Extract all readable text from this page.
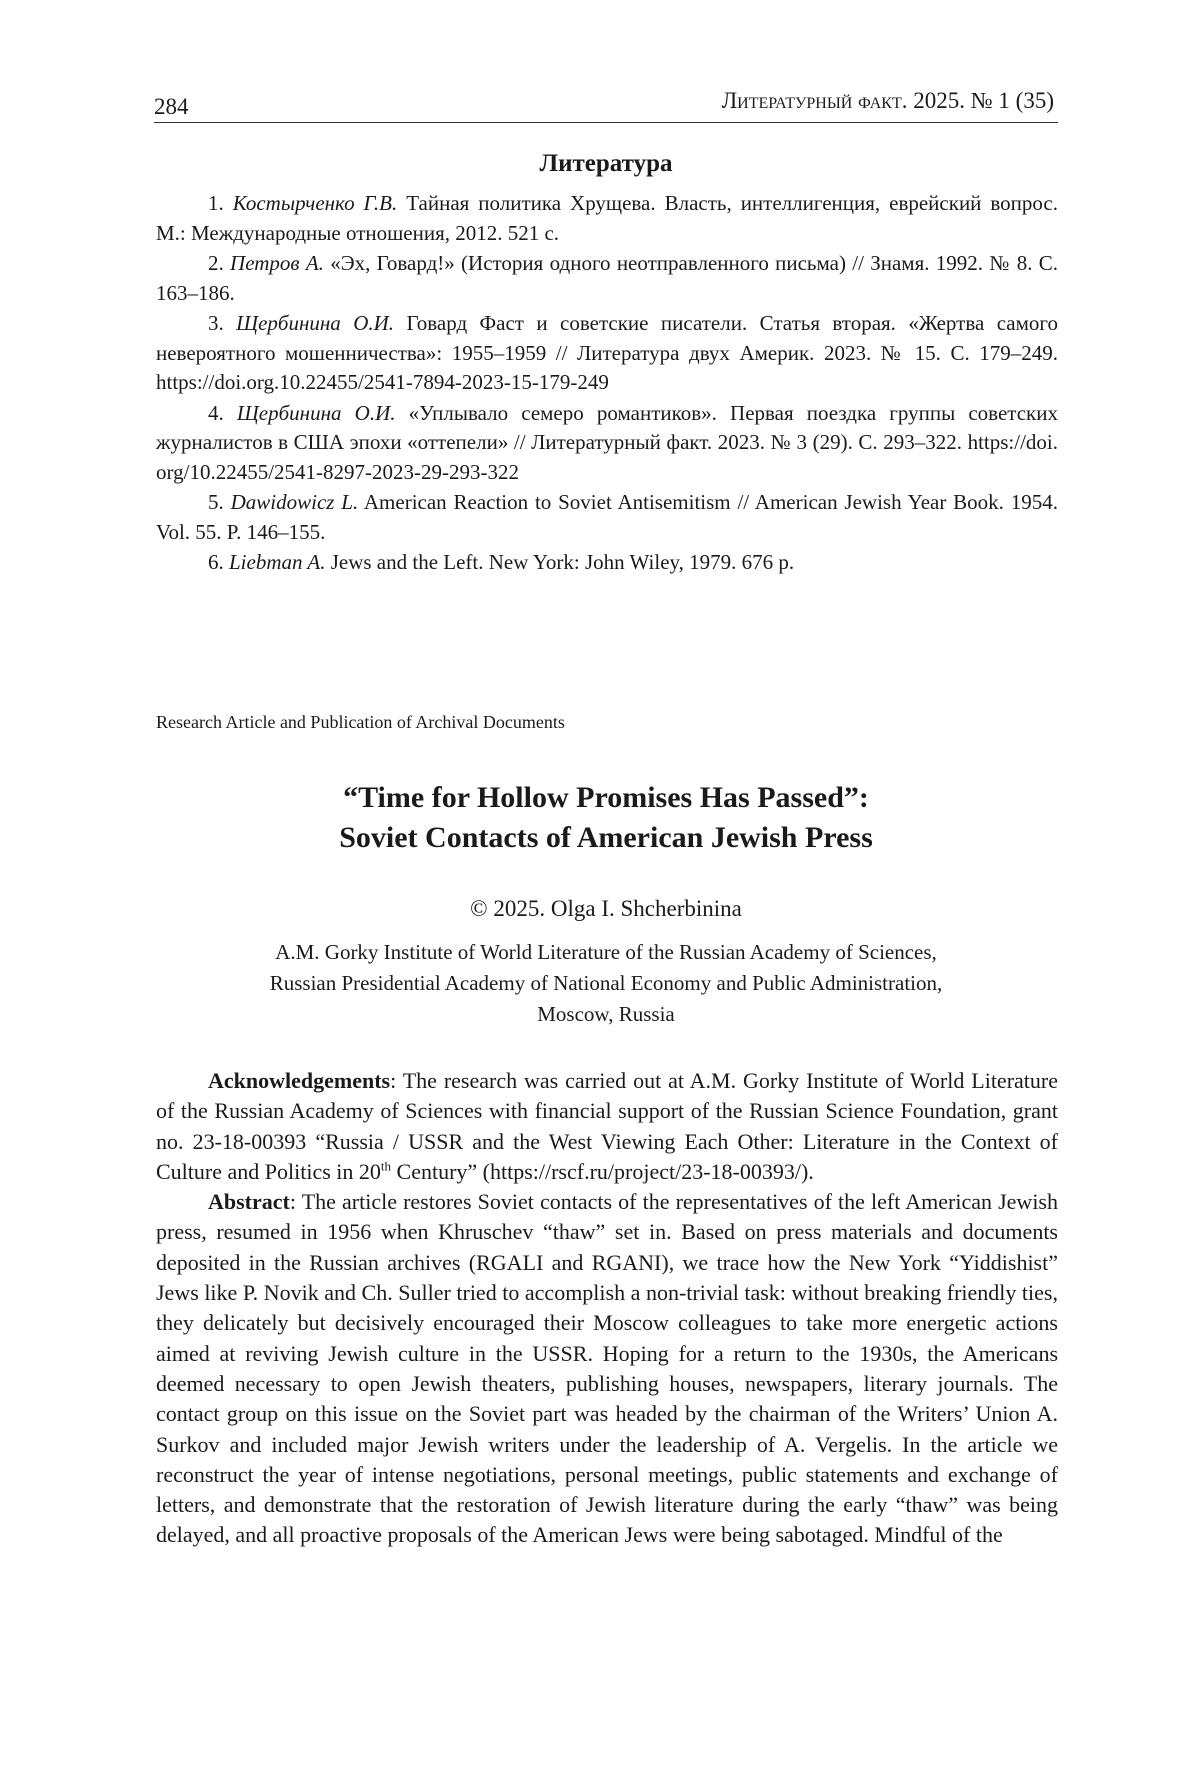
284	Литературный факт. 2025. № 1 (35)
Литература

1. Костырченко Г.В. Тайная политика Хрущева. Власть, интеллигенция, еврейский вопрос. М.: Международные отношения, 2012. 521 с.

2. Петров А. «Эх, Говард!» (История одного неотправленного письма) // Знамя. 1992. № 8. С. 163–186.

3. Щербинина О.И. Говард Фаст и советские писатели. Статья вторая. «Жертва самого невероятного мошенничества»: 1955–1959 // Литература двух Америк. 2023. № 15. С. 179–249. https://doi.org.10.22455/2541-7894-2023-15-179-249

4. Щербинина О.И. «Уплывало семеро романтиков». Первая поездка группы советских журналистов в США эпохи «оттепели» // Литературный факт. 2023. № 3 (29). С. 293–322. https://doi. org/10.22455/2541-8297-2023-29-293-322

5. Dawidowicz L. American Reaction to Soviet Antisemitism // American Jewish Year Book. 1954. Vol. 55. P. 146–155.

6. Liebman A. Jews and the Left. New York: John Wiley, 1979. 676 p.

Research Article and Publication of Archival Documents
“Time for Hollow Promises Has Passed”:
Soviet Contacts of American Jewish Press
© 2025. Olga I. Shcherbinina
A.M. Gorky Institute of World Literature of the Russian Academy of Sciences,
Russian Presidential Academy of National Economy and Public Administration,
Moscow, Russia

Acknowledgements: The research was carried out at A.M. Gorky Institute of World Literature of the Russian Academy of Sciences with financial support of the Russian Science Foundation, grant no. 23-18-00393 “Russia / USSR and the West Viewing Each Other: Literature in the Context of Culture and Politics in 20th Century” (https://rscf.ru/project/23-18-00393/).

Abstract: The article restores Soviet contacts of the representatives of the left American Jewish press, resumed in 1956 when Khruschev “thaw” set in. Based on press materials and documents deposited in the Russian archives (RGALI and RGANI), we trace how the New York “Yiddishist” Jews like P. Novik and Ch. Suller tried to accomplish a non-trivial task: without breaking friendly ties, they delicately but decisively encouraged their Moscow colleagues to take more energetic actions aimed at reviving Jewish culture in the USSR. Hoping for a return to the 1930s, the Americans deemed necessary to open Jewish theaters, publishing houses, newspapers, literary journals. The contact group on this issue on the Soviet part was headed by the chairman of the Writers’ Union A. Surkov and included major Jewish writers under the leadership of A. Vergelis. In the article we reconstruct the year of intense negotiations, personal meetings, public statements and exchange of letters, and demonstrate that the restoration of Jewish literature during the early “thaw” was being delayed, and all proactive proposals of the American Jews were being sabotaged. Mindful of the
